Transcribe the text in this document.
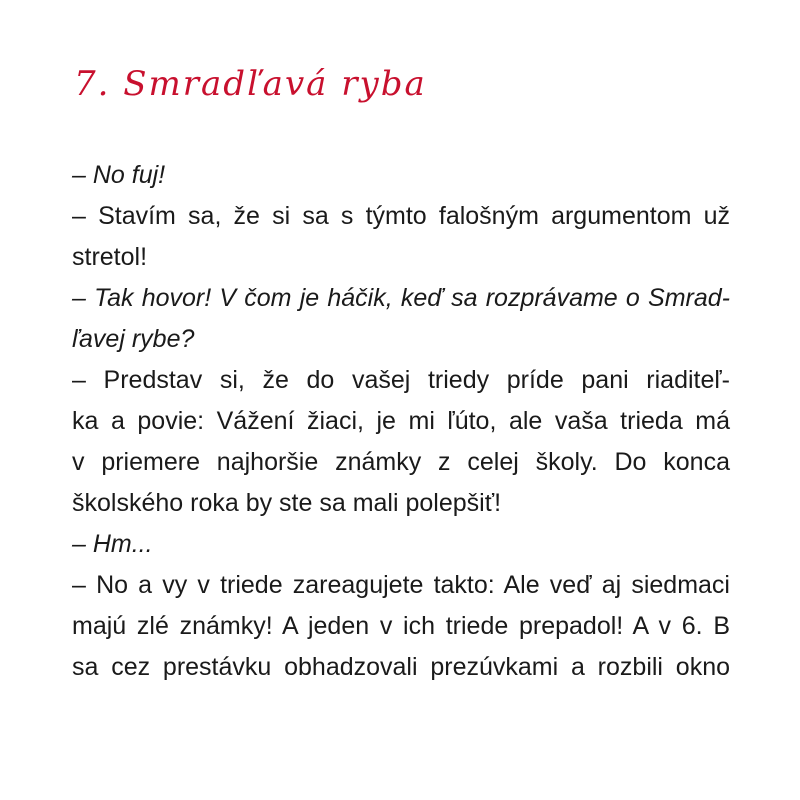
7. Smradľavá ryba
– No fuj!
– Stavím sa, že si sa s týmto falošným argumentom už
stretol!
– Tak hovor! V čom je háčik, keď sa rozprávame o Smrad-
ľavej rybe?
– Predstav si, že do vašej triedy príde pani riaditeľ-
ka a povie: Vážení žiaci, je mi ľúto, ale vaša trieda má
v priemere najhoršie známky z celej školy. Do konca
školského roka by ste sa mali polepšiť!
– Hm...
– No a vy v triede zareagujete takto: Ale veď aj siedmaci
majú zlé známky! A jeden v ich triede prepadol! A v 6. B
sa cez prestávku obhadzovali prezúvkami a rozbili okno
